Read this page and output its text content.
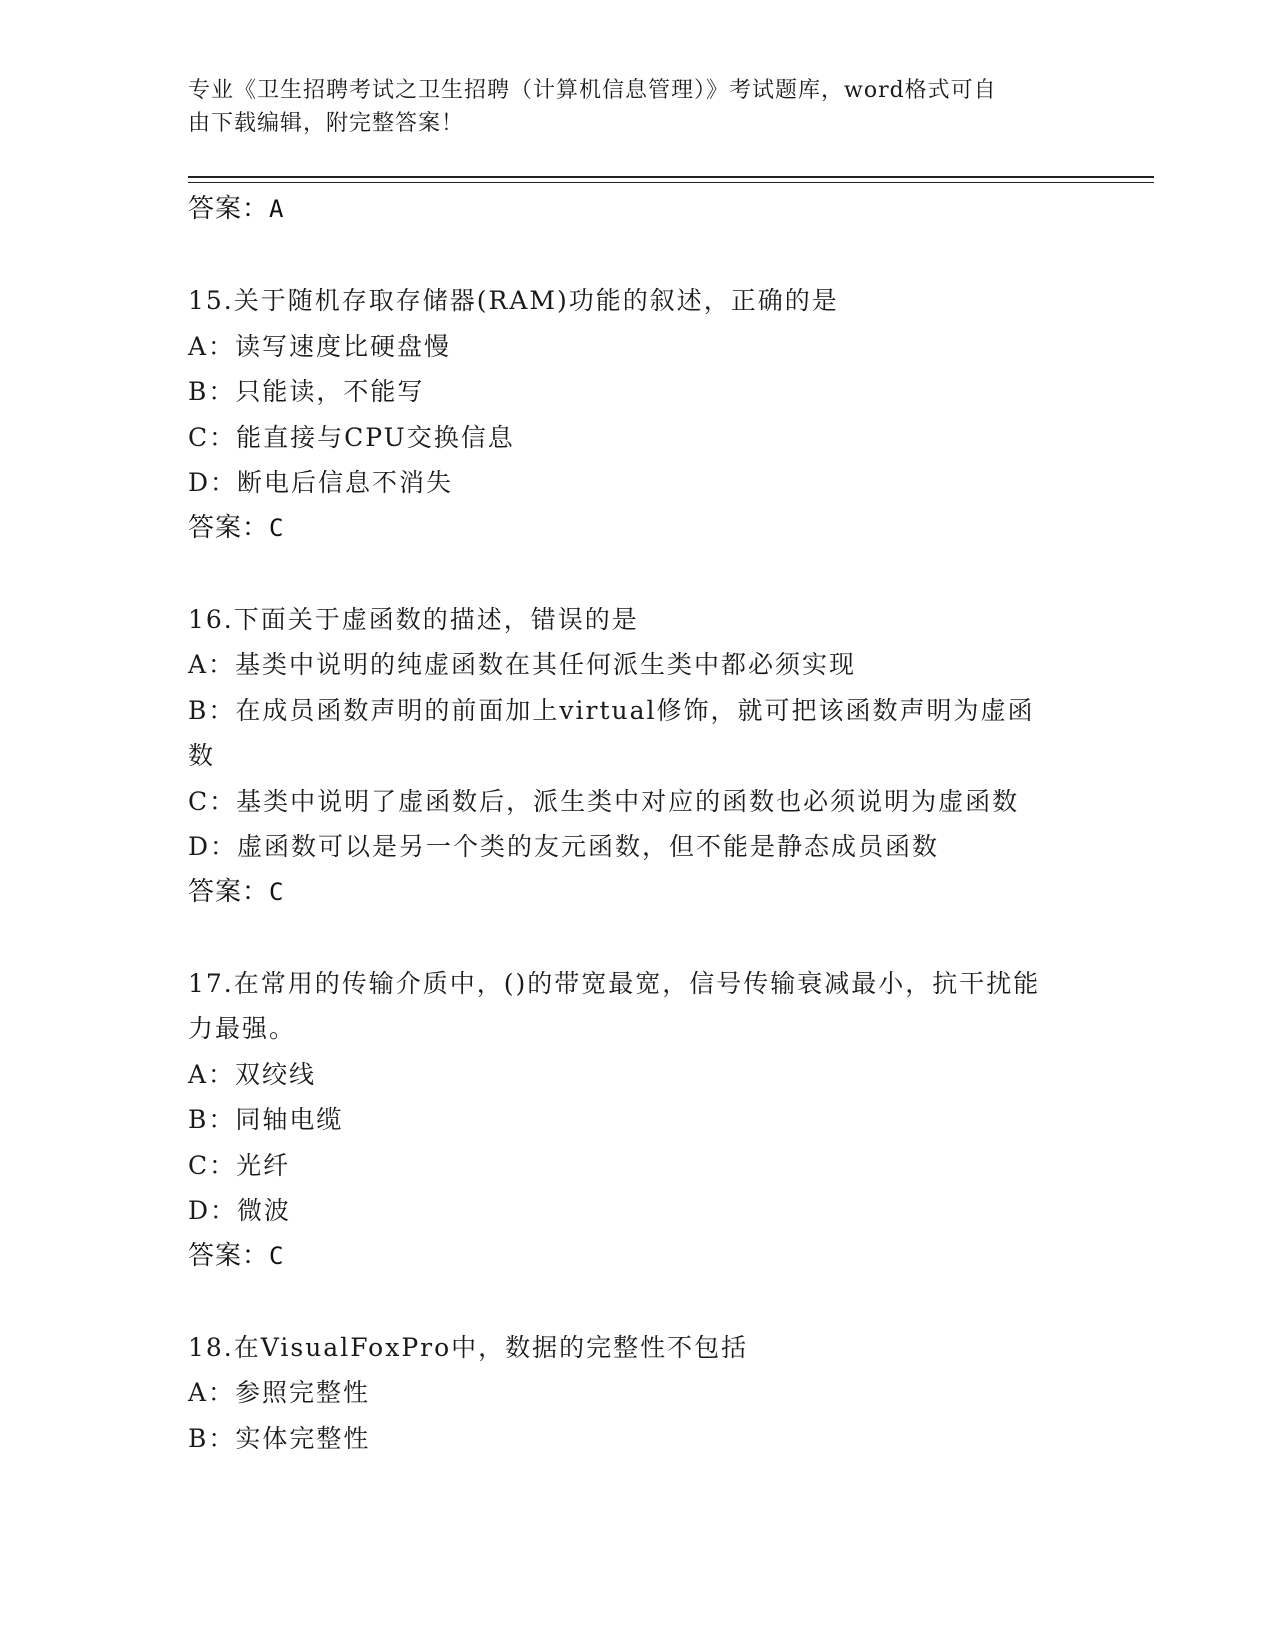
专业《卫生招聘考试之卫生招聘（计算机信息管理）》考试题库，word格式可自
由下载编辑，附完整答案！
答案：A
15.关于随机存取存储器(RAM)功能的叙述，正确的是
A：读写速度比硬盘慢
B：只能读，不能写
C：能直接与CPU交换信息
D：断电后信息不消失
答案：C
16.下面关于虚函数的描述，错误的是
A：基类中说明的纯虚函数在其任何派生类中都必须实现
B：在成员函数声明的前面加上virtual修饰，就可把该函数声明为虚函数
C：基类中说明了虚函数后，派生类中对应的函数也必须说明为虚函数
D：虚函数可以是另一个类的友元函数，但不能是静态成员函数
答案：C
17.在常用的传输介质中，()的带宽最宽，信号传输衰减最小，抗干扰能力最强。
A：双绞线
B：同轴电缆
C：光纤
D：微波
答案：C
18.在VisualFoxPro中，数据的完整性不包括
A：参照完整性
B：实体完整性
